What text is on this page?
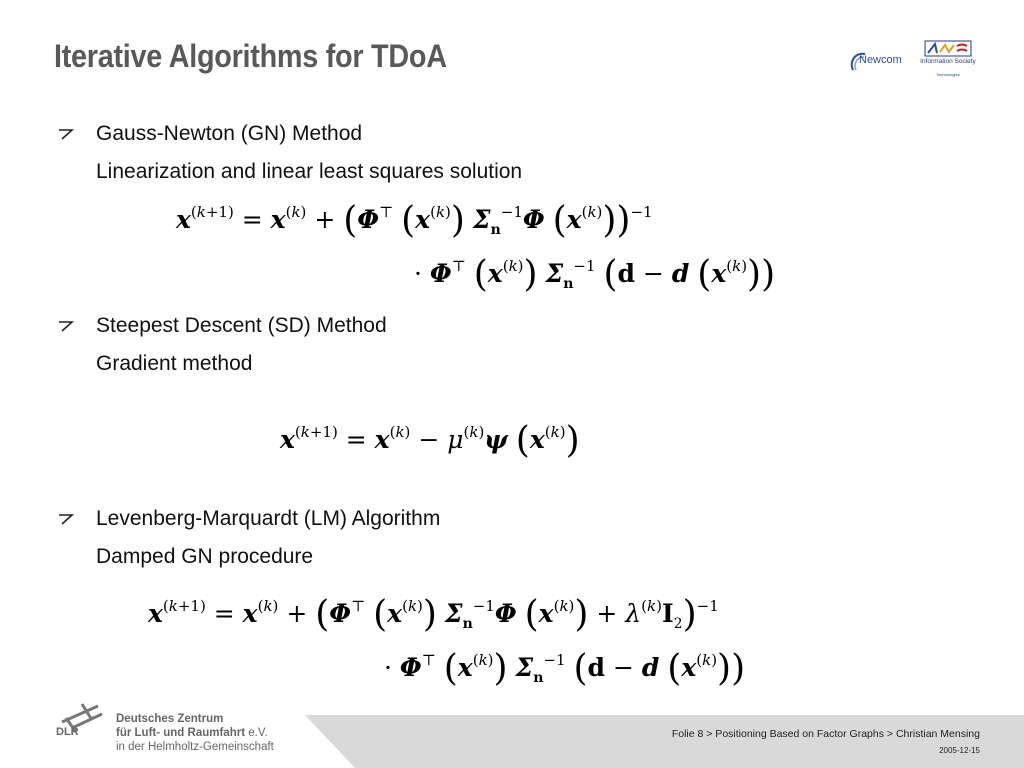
Iterative Algorithms for TDoA	Newcom	Information Society
Technologies
Gauss-Newton (GN) Method
Linearization and linear least squares solution
$x^{(k+1)} = x^{(k)} + (\Phi^⊤$ $(x^{(k)})$ $\Sigma_n^{-1}\Phi$ $(x^{(k)}))^{-1}$
· Φ⊤ $(x^{(k)})$ $\Sigma_n^{-1}$ (d − d $(x^{(k)})$)
Steepest Descent (SD) Method
Gradient method
$x^{(k+1)} = x^{(k)} - \mu^{(k)}\psi$ $(x^{(k)})$
Levenberg-Marquardt (LM) Algorithm
Damped GN procedure
$x^{(k+1)} = x^{(k)} + (\Phi^⊤$ $(x^{(k)})$ $\Sigma_n^{-1}\Phi$ $(x^{(k)}) + \lambda^{(k)}I_2)^{-1}$
· Φ⊤ $(x^{(k)})$ $\Sigma_n^{-1}$ (d − d $(x^{(k)})$)
DLR
Deutsches Zentrum
für Luft- und Raumfahrt e.V.
in der Helmholtz-Gemeinschaft
Folie 8 > Positioning Based on Factor Graphs > Christian Mensing
2005-12-15
